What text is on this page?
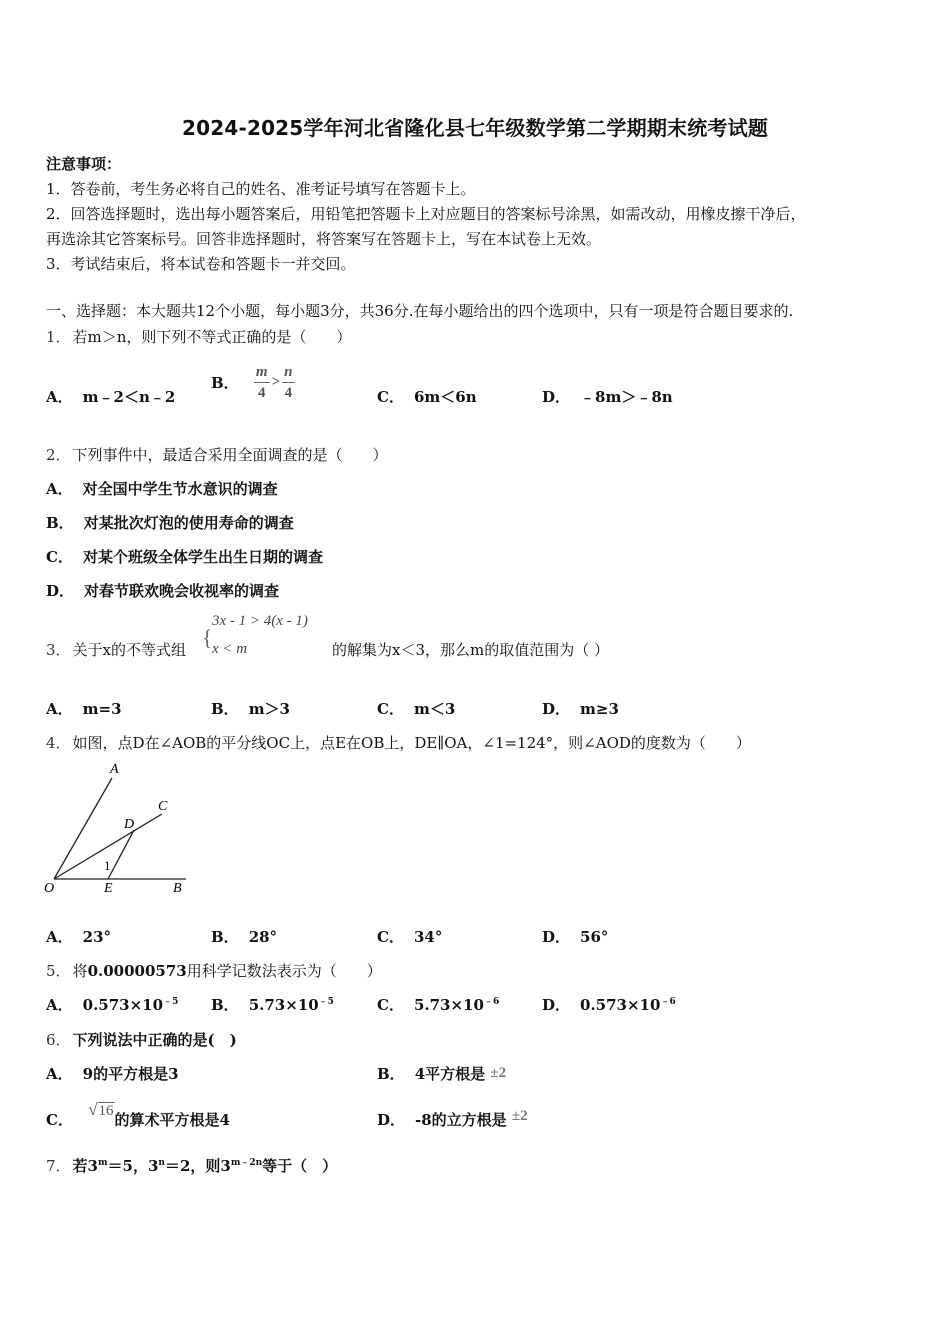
2024-2025学年河北省隆化县七年级数学第二学期期末统考试题
注意事项：
1．答卷前，考生务必将自己的姓名、准考证号填写在答题卡上。
2．回答选择题时，选出每小题答案后，用铅笔把答题卡上对应题目的答案标号涂黑，如需改动，用橡皮擦干净后，
再选涂其它答案标号。回答非选择题时，将答案写在答题卡上，写在本试卷上无效。
3．考试结束后，将本试卷和答题卡一并交回。
一、选择题：本大题共12个小题，每小题3分，共36分.在每小题给出的四个选项中，只有一项是符合题目要求的.
1． 若m＞n，则下列不等式正确的是（　　）
A． m﹣2＜n﹣2
B． $\frac{m}{4} > \frac{n}{4}$	C． 6m＜6n	D． ﹣8m＞﹣8n
2． 下列事件中，最适合采用全面调查的是（　　）
A． 对全国中学生节水意识的调查
B． 对某批次灯泡的使用寿命的调查
C． 对某个班级全体学生出生日期的调查
D． 对春节联欢晚会收视率的调查
3． 关于x的不等式组 {
3x - 1 > 4(x - 1)
x < m	的解集为x＜3，那么m的取值范围为（ ）
A． m=3	B． m＞3	C． m＜3	D． m≥3
4． 如图，点D在∠AOB的平分线OC上，点E在OB上，DE∥OA，∠1=124°，则∠AOD的度数为（　　）
A
C
D
1
O	E	B
A． 23°	B． 28°	C． 34°	D． 56°
5． 将0.00000573用科学记数法表示为（　　）
A． $0.573\times 10^{﹣5}$ B． $5.73\times 10^{﹣5}$	C． $5.73\times 10^{﹣6}$	D． $0.573\times 10^{﹣6}$
6． 下列说法中正确的是(　)
A． 9的平方根是3	B． 4平方根是 ±2
C． √16的算术平方根是4	D． -8的立方根是 ±2
7． 若$3^m=5$，$3^n=2$，则$3^{m﹣2n}$等于（　）
